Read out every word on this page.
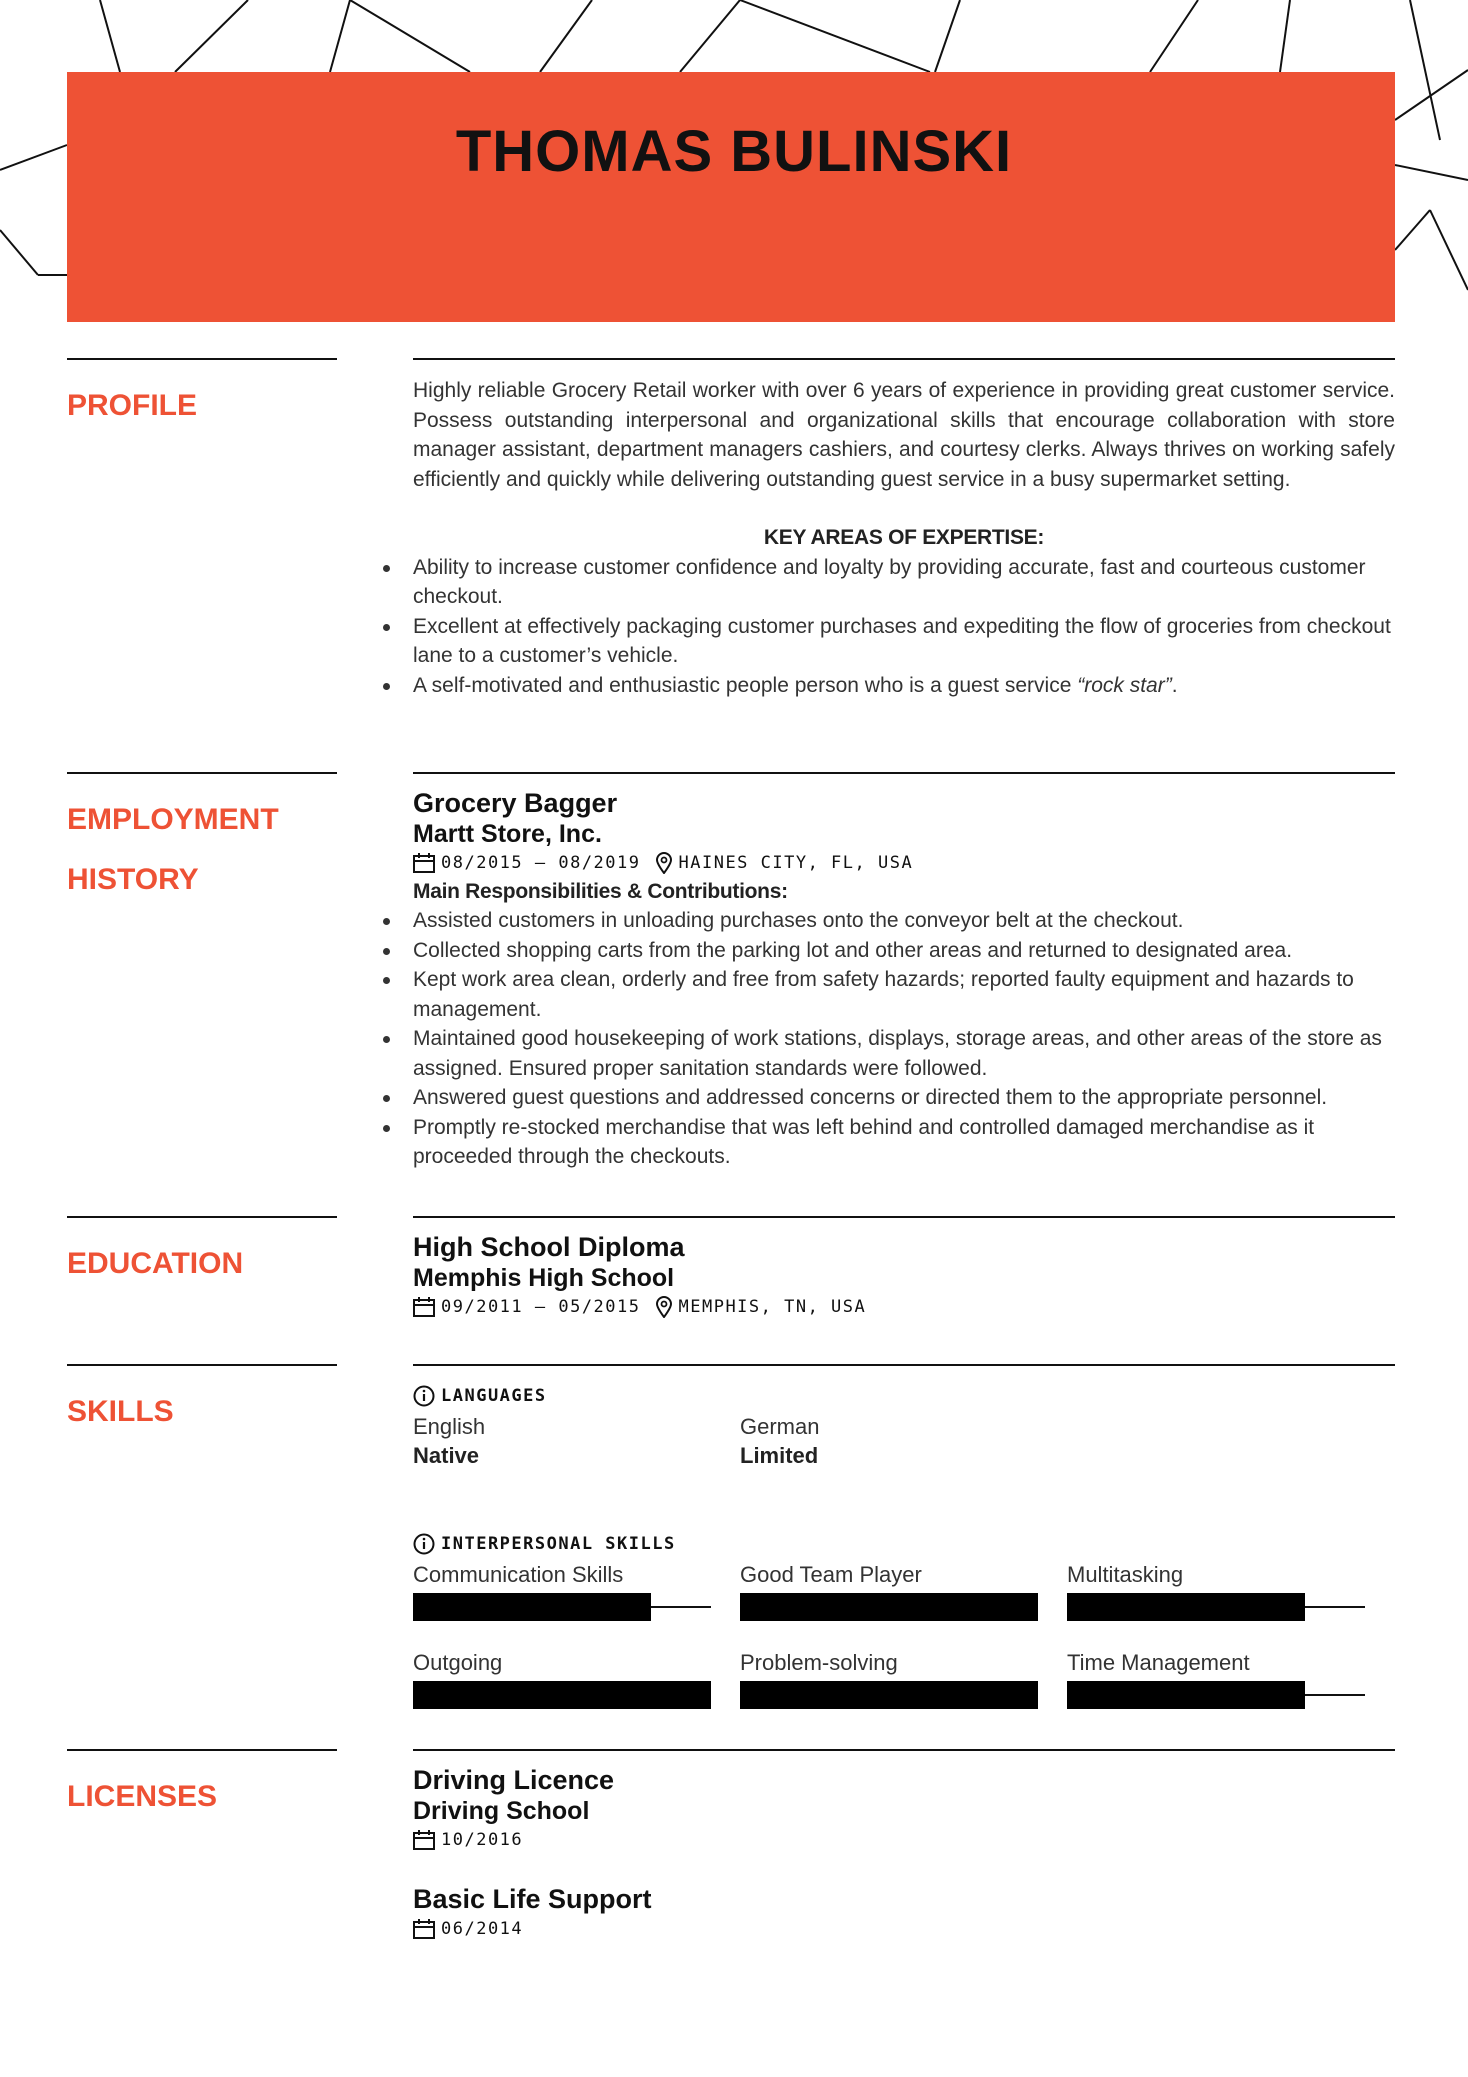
THOMAS BULINSKI
PROFILE	Highly reliable Grocery Retail worker with over 6 years of experience in providing great customer service. Possess outstanding interpersonal and organizational skills that encourage collaboration with store manager assistant, department managers cashiers, and courtesy clerks. Always thrives on working safely efficiently and quickly while delivering outstanding guest service in a busy supermarket setting.

KEY AREAS OF EXPERTISE:

Ability to increase customer confidence and loyalty by providing accurate, fast and courteous customer checkout.
Excellent at effectively packaging customer purchases and expediting the flow of groceries from checkout lane to a customer’s vehicle.
A self-motivated and enthusiastic people person who is a guest service “rock star”.
EMPLOYMENT
HISTORY
Grocery Bagger
Martt Store, Inc.
08/2015 – 08/2019 HAINES CITY, FL, USA
Main Responsibilities & Contributions:
Assisted customers in unloading purchases onto the conveyor belt at the checkout.
Collected shopping carts from the parking lot and other areas and returned to designated area.
Kept work area clean, orderly and free from safety hazards; reported faulty equipment and hazards to management.
Maintained good housekeeping of work stations, displays, storage areas, and other areas of the store as assigned. Ensured proper sanitation standards were followed.
Answered guest questions and addressed concerns or directed them to the appropriate personnel.
Promptly re-stocked merchandise that was left behind and controlled damaged merchandise as it proceeded through the checkouts.
EDUCATION	High School Diploma
Memphis High School
09/2011 – 05/2015 MEMPHIS, TN, USA
SKILLS	LANGUAGES
English
Native
German
Limited
INTERPERSONAL SKILLS
Communication Skills	Good Team Player	Multitasking
Outgoing	Problem-solving	Time Management
LICENSES	Driving Licence
Driving School
10/2016
Basic Life Support
06/2014
